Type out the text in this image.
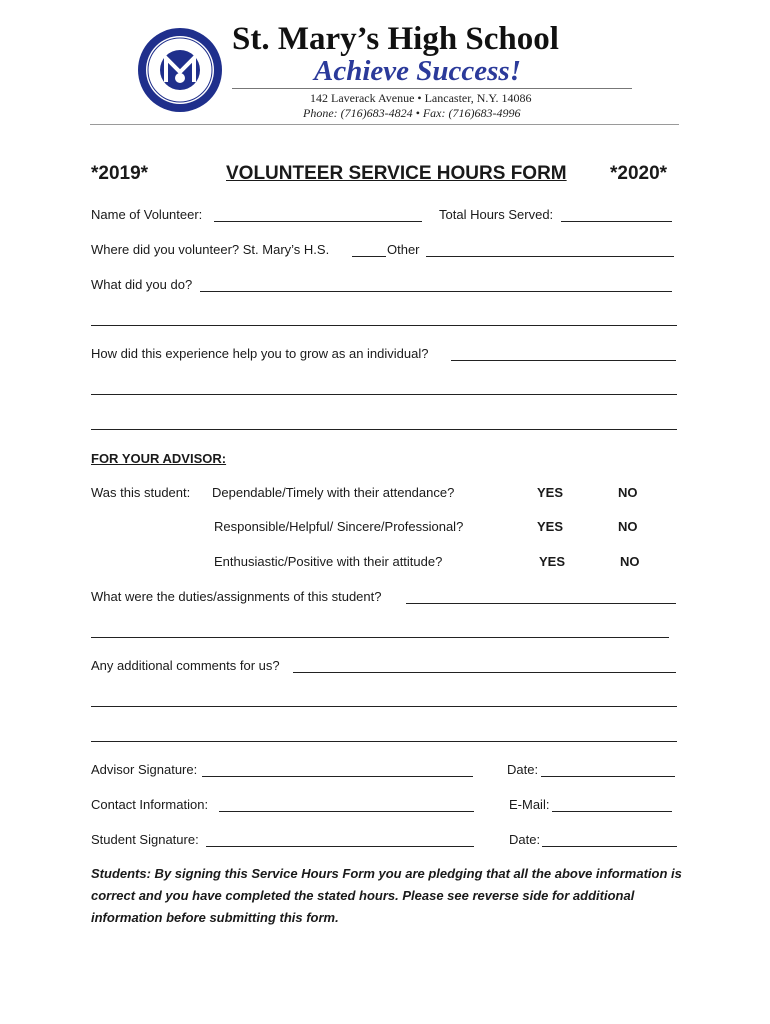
St. Mary’s High School
Achieve Success!
142 Laverack Avenue • Lancaster, N.Y. 14086
Phone: (716)683-4824 • Fax: (716)683-4996
*2019*	VOLUNTEER SERVICE HOURS FORM *2020*
Name of Volunteer:	Total Hours Served:
Where did you volunteer? St. Mary’s H.S.	Other
What did you do?
How did this experience help you to grow as an individual?
FOR YOUR ADVISOR:
Was this student: Dependable/Timely with their attendance?	YES	NO
Responsible/Helpful/ Sincere/Professional?	YES	NO
Enthusiastic/Positive with their attitude?	YES	NO
What were the duties/assignments of this student?
Any additional comments for us?
Advisor Signature:	Date:
Contact Information:	E-Mail:
Student Signature:	Date:
Students: By signing this Service Hours Form you are pledging that all the above information is correct and you have completed the stated hours. Please see reverse side for additional information before submitting this form.
